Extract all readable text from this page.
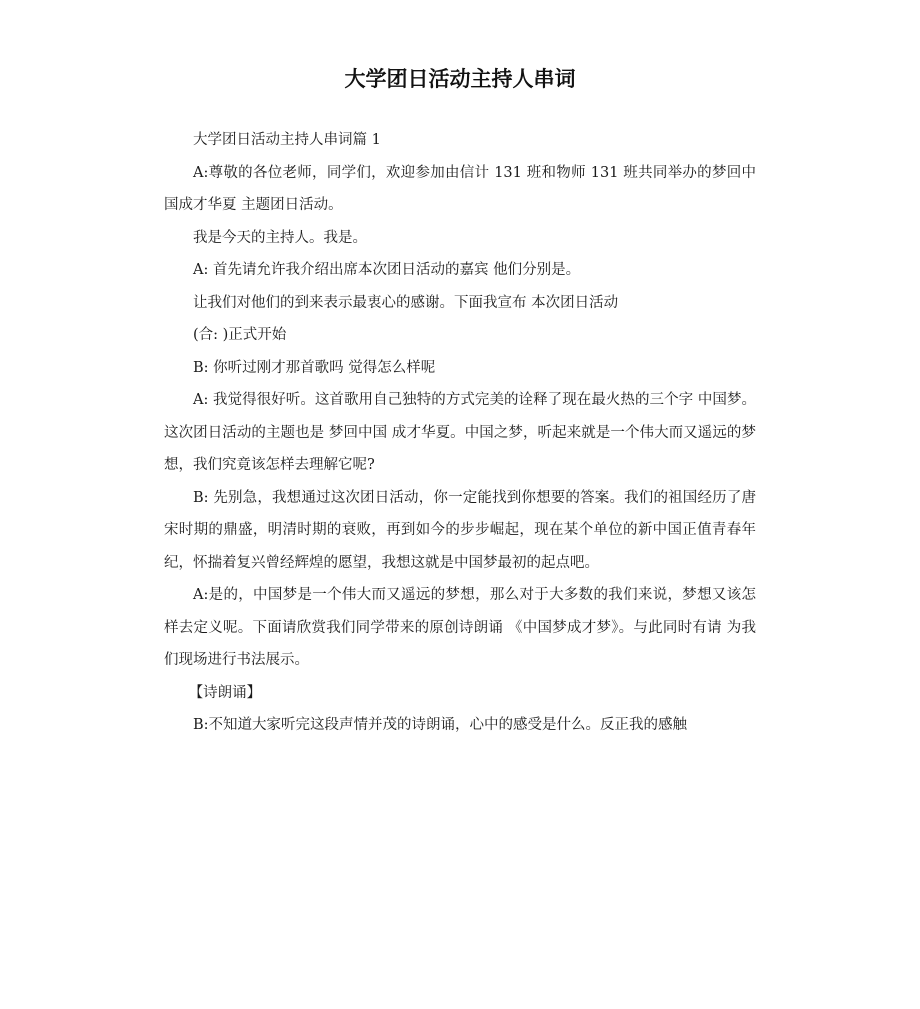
大学团日活动主持人串词

大学团日活动主持人串词篇 1

A:尊敬的各位老师，同学们，欢迎参加由信计 131 班和物师 131 班共同举办的梦回中国成才华夏 主题团日活动。

我是今天的主持人。我是。

A: 首先请允许我介绍出席本次团日活动的嘉宾 他们分别是。

让我们对他们的到来表示最衷心的感谢。下面我宣布 本次团日活动

(合: )正式开始

B: 你听过刚才那首歌吗 觉得怎么样呢

A: 我觉得很好听。这首歌用自己独特的方式完美的诠释了现在最火热的三个字 中国梦。这次团日活动的主题也是 梦回中国 成才华夏。中国之梦，听起来就是一个伟大而又遥远的梦想，我们究竟该怎样去理解它呢?

B: 先别急，我想通过这次团日活动，你一定能找到你想要的答案。我们的祖国经历了唐宋时期的鼎盛，明清时期的衰败，再到如今的步步崛起，现在某个单位的新中国正值青春年纪，怀揣着复兴曾经辉煌的愿望，我想这就是中国梦最初的起点吧。

A:是的，中国梦是一个伟大而又遥远的梦想，那么对于大多数的我们来说，梦想又该怎样去定义呢。下面请欣赏我们同学带来的原创诗朗诵 《中国梦成才梦》。与此同时有请 为我们现场进行书法展示。

【诗朗诵】

B:不知道大家听完这段声情并茂的诗朗诵，心中的感受是什么。反正我的感触
